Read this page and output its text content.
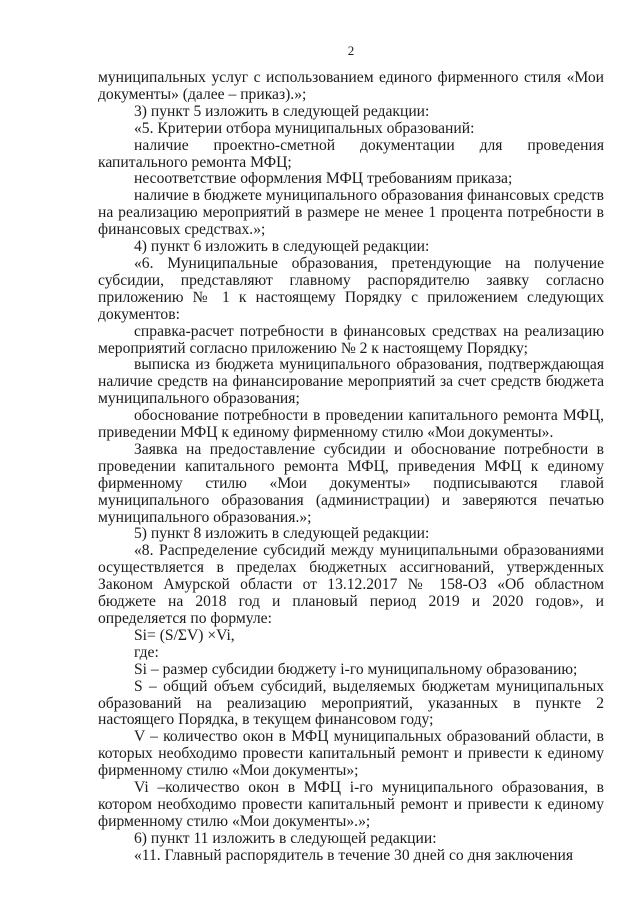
2

муниципальных услуг с использованием единого фирменного стиля «Мои документы» (далее – приказ).»;

3) пункт 5 изложить в следующей редакции:

«5. Критерии отбора муниципальных образований:

наличие проектно-сметной документации для проведения капитального ремонта МФЦ;

несоответствие оформления МФЦ требованиям приказа;

наличие в бюджете муниципального образования финансовых средств на реализацию мероприятий в размере не менее 1 процента потребности в финансовых средствах.»;

4) пункт 6 изложить в следующей редакции:

«6. Муниципальные образования, претендующие на получение субсидии, представляют главному распорядителю заявку согласно приложению № 1 к настоящему Порядку с приложением следующих документов:

справка-расчет потребности в финансовых средствах на реализацию мероприятий согласно приложению № 2 к настоящему Порядку;

выписка из бюджета муниципального образования, подтверждающая наличие средств на финансирование мероприятий за счет средств бюджета муниципального образования;

обоснование потребности в проведении капитального ремонта МФЦ, приведении МФЦ к единому фирменному стилю «Мои документы».

Заявка на предоставление субсидии и обоснование потребности в проведении капитального ремонта МФЦ, приведения МФЦ к единому фирменному стилю «Мои документы» подписываются главой муниципального образования (администрации) и заверяются печатью муниципального образования.»;

5) пункт 8 изложить в следующей редакции:

«8. Распределение субсидий между муниципальными образованиями осуществляется в пределах бюджетных ассигнований, утвержденных Законом Амурской области от 13.12.2017 № 158-ОЗ «Об областном бюджете на 2018 год и плановый период 2019 и 2020 годов», и определяется по формуле:

Si= (S/ΣV) ×Vi,

где:

Si – размер субсидии бюджету i-го муниципальному образованию;

S – общий объем субсидий, выделяемых бюджетам муниципальных образований на реализацию мероприятий, указанных в пункте 2 настоящего Порядка, в текущем финансовом году;

V – количество окон в МФЦ муниципальных образований области, в которых необходимо провести капитальный ремонт и привести к единому фирменному стилю «Мои документы»;

Vi –количество окон в МФЦ i-го муниципального образования, в котором необходимо провести капитальный ремонт и привести к единому фирменному стилю «Мои документы».»;

6) пункт 11 изложить в следующей редакции:

«11. Главный распорядитель в течение 30 дней со дня заключения
